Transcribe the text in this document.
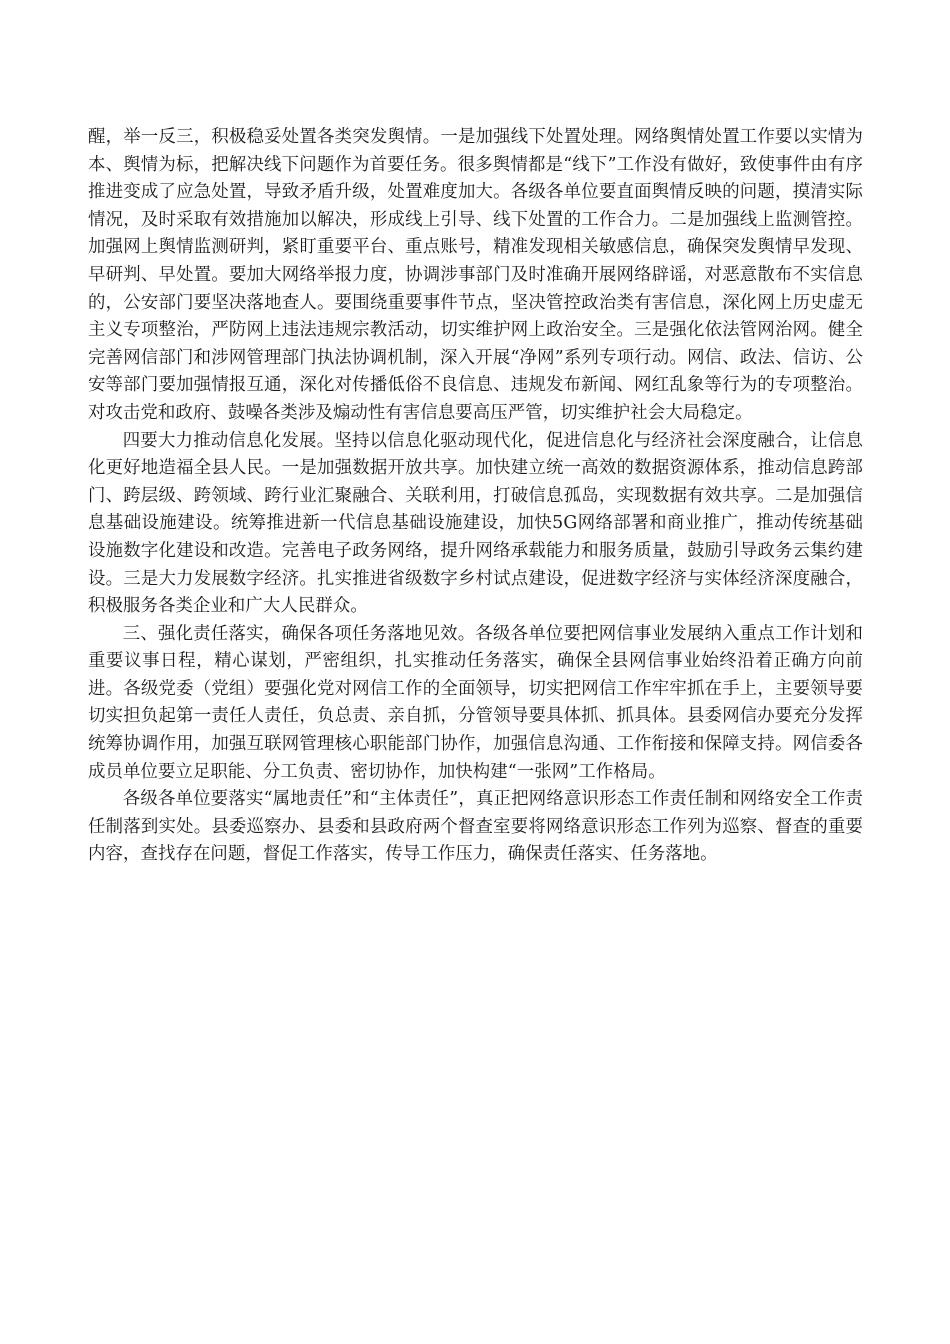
醒，举一反三，积极稳妥处置各类突发舆情。一是加强线下处置处理。网络舆情处置工作要以实情为本、舆情为标，把解决线下问题作为首要任务。很多舆情都是“线下”工作没有做好，致使事件由有序推进变成了应急处置，导致矛盾升级，处置难度加大。各级各单位要直面舆情反映的问题，摸清实际情况，及时采取有效措施加以解决，形成线上引导、线下处置的工作合力。二是加强线上监测管控。加强网上舆情监测研判，紧盯重要平台、重点账号，精准发现相关敏感信息，确保突发舆情早发现、早研判、早处置。要加大网络举报力度，协调涉事部门及时准确开展网络辟谣，对恶意散布不实信息的，公安部门要坚决落地查人。要围绕重要事件节点，坚决管控政治类有害信息，深化网上历史虚无主义专项整治，严防网上违法违规宗教活动，切实维护网上政治安全。三是强化依法管网治网。健全完善网信部门和涉网管理部门执法协调机制，深入开展“净网”系列专项行动。网信、政法、信访、公安等部门要加强情报互通，深化对传播低俗不良信息、违规发布新闻、网红乱象等行为的专项整治。对攻击党和政府、鼓噪各类涉及煽动性有害信息要高压严管，切实维护社会大局稳定。

四要大力推动信息化发展。坚持以信息化驱动现代化，促进信息化与经济社会深度融合，让信息化更好地造福全县人民。一是加强数据开放共享。加快建立统一高效的数据资源体系，推动信息跨部门、跨层级、跨领域、跨行业汇聚融合、关联利用，打破信息孤岛，实现数据有效共享。二是加强信息基础设施建设。统筹推进新一代信息基础设施建设，加快5G网络部署和商业推广，推动传统基础设施数字化建设和改造。完善电子政务网络，提升网络承载能力和服务质量，鼓励引导政务云集约建设。三是大力发展数字经济。扎实推进省级数字乡村试点建设，促进数字经济与实体经济深度融合，积极服务各类企业和广大人民群众。

三、强化责任落实，确保各项任务落地见效。各级各单位要把网信事业发展纳入重点工作计划和重要议事日程，精心谋划，严密组织，扎实推动任务落实，确保全县网信事业始终沿着正确方向前进。各级党委（党组）要强化党对网信工作的全面领导，切实把网信工作牢牢抓在手上，主要领导要切实担负起第一责任人责任，负总责、亲自抓，分管领导要具体抓、抓具体。县委网信办要充分发挥统筹协调作用，加强互联网管理核心职能部门协作，加强信息沟通、工作衔接和保障支持。网信委各成员单位要立足职能、分工负责、密切协作，加快构建“一张网”工作格局。

各级各单位要落实“属地责任”和“主体责任”，真正把网络意识形态工作责任制和网络安全工作责任制落到实处。县委巡察办、县委和县政府两个督查室要将网络意识形态工作列为巡察、督查的重要内容，查找存在问题，督促工作落实，传导工作压力，确保责任落实、任务落地。
